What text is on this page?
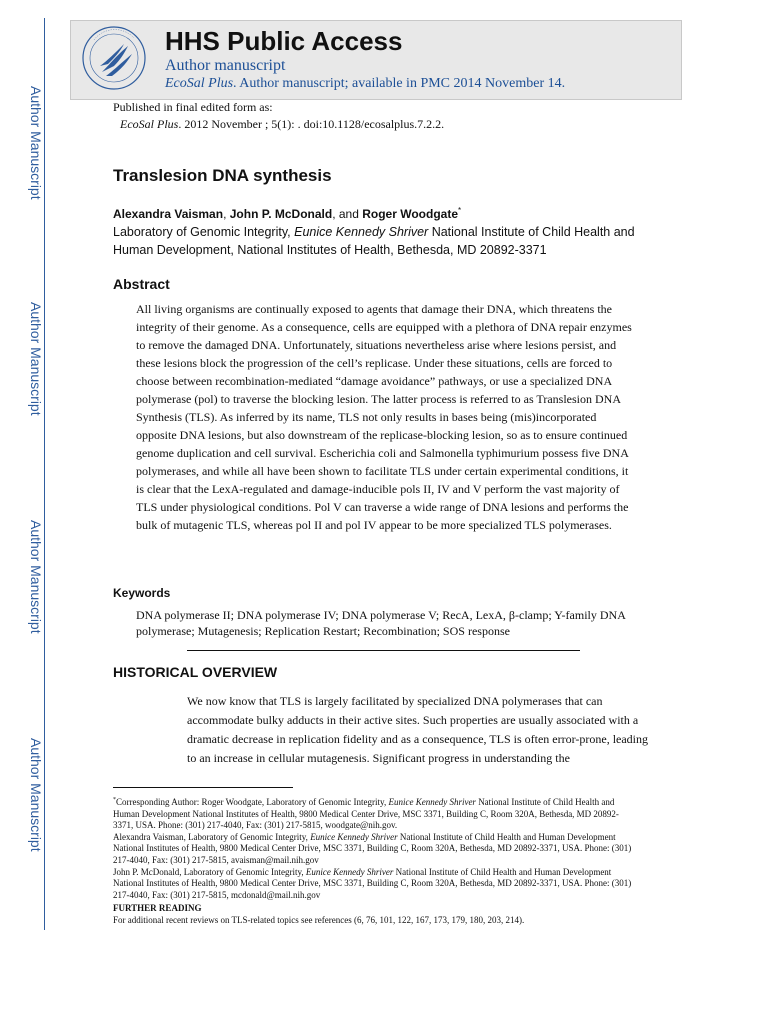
Author Manuscript
Author Manuscript
Author Manuscript
Author Manuscript
HHS Public Access
Author manuscript
EcoSal Plus. Author manuscript; available in PMC 2014 November 14.
Published in final edited form as:
EcoSal Plus. 2012 November ; 5(1): . doi:10.1128/ecosalplus.7.2.2.
Translesion DNA synthesis
Alexandra Vaisman, John P. McDonald, and Roger Woodgate*
Laboratory of Genomic Integrity, Eunice Kennedy Shriver National Institute of Child Health and Human Development, National Institutes of Health, Bethesda, MD 20892-3371
Abstract
All living organisms are continually exposed to agents that damage their DNA, which threatens the integrity of their genome. As a consequence, cells are equipped with a plethora of DNA repair enzymes to remove the damaged DNA. Unfortunately, situations nevertheless arise where lesions persist, and these lesions block the progression of the cell’s replicase. Under these situations, cells are forced to choose between recombination-mediated “damage avoidance” pathways, or use a specialized DNA polymerase (pol) to traverse the blocking lesion. The latter process is referred to as Translesion DNA Synthesis (TLS). As inferred by its name, TLS not only results in bases being (mis)incorporated opposite DNA lesions, but also downstream of the replicase-blocking lesion, so as to ensure continued genome duplication and cell survival. Escherichia coli and Salmonella typhimurium possess five DNA polymerases, and while all have been shown to facilitate TLS under certain experimental conditions, it is clear that the LexA-regulated and damage-inducible pols II, IV and V perform the vast majority of TLS under physiological conditions. Pol V can traverse a wide range of DNA lesions and performs the bulk of mutagenic TLS, whereas pol II and pol IV appear to be more specialized TLS polymerases.
Keywords
DNA polymerase II; DNA polymerase IV; DNA polymerase V; RecA, LexA, β-clamp; Y-family DNA polymerase; Mutagenesis; Replication Restart; Recombination; SOS response
HISTORICAL OVERVIEW
We now know that TLS is largely facilitated by specialized DNA polymerases that can accommodate bulky adducts in their active sites. Such properties are usually associated with a dramatic decrease in replication fidelity and as a consequence, TLS is often error-prone, leading to an increase in cellular mutagenesis. Significant progress in understanding the

*Corresponding Author: Roger Woodgate, Laboratory of Genomic Integrity, Eunice Kennedy Shriver National Institute of Child Health and Human Development National Institutes of Health, 9800 Medical Center Drive, MSC 3371, Building C, Room 320A, Bethesda, MD 20892-3371, USA. Phone: (301) 217-4040, Fax: (301) 217-5815, woodgate@nih.gov.

Alexandra Vaisman, Laboratory of Genomic Integrity, Eunice Kennedy Shriver National Institute of Child Health and Human Development National Institutes of Health, 9800 Medical Center Drive, MSC 3371, Building C, Room 320A, Bethesda, MD 20892-3371, USA. Phone: (301) 217-4040, Fax: (301) 217-5815, avaisman@mail.nih.gov

John P. McDonald, Laboratory of Genomic Integrity, Eunice Kennedy Shriver National Institute of Child Health and Human Development National Institutes of Health, 9800 Medical Center Drive, MSC 3371, Building C, Room 320A, Bethesda, MD 20892-3371, USA. Phone: (301) 217-4040, Fax: (301) 217-5815, mcdonald@mail.nih.gov

FURTHER READING

For additional recent reviews on TLS-related topics see references (6, 76, 101, 122, 167, 173, 179, 180, 203, 214).
